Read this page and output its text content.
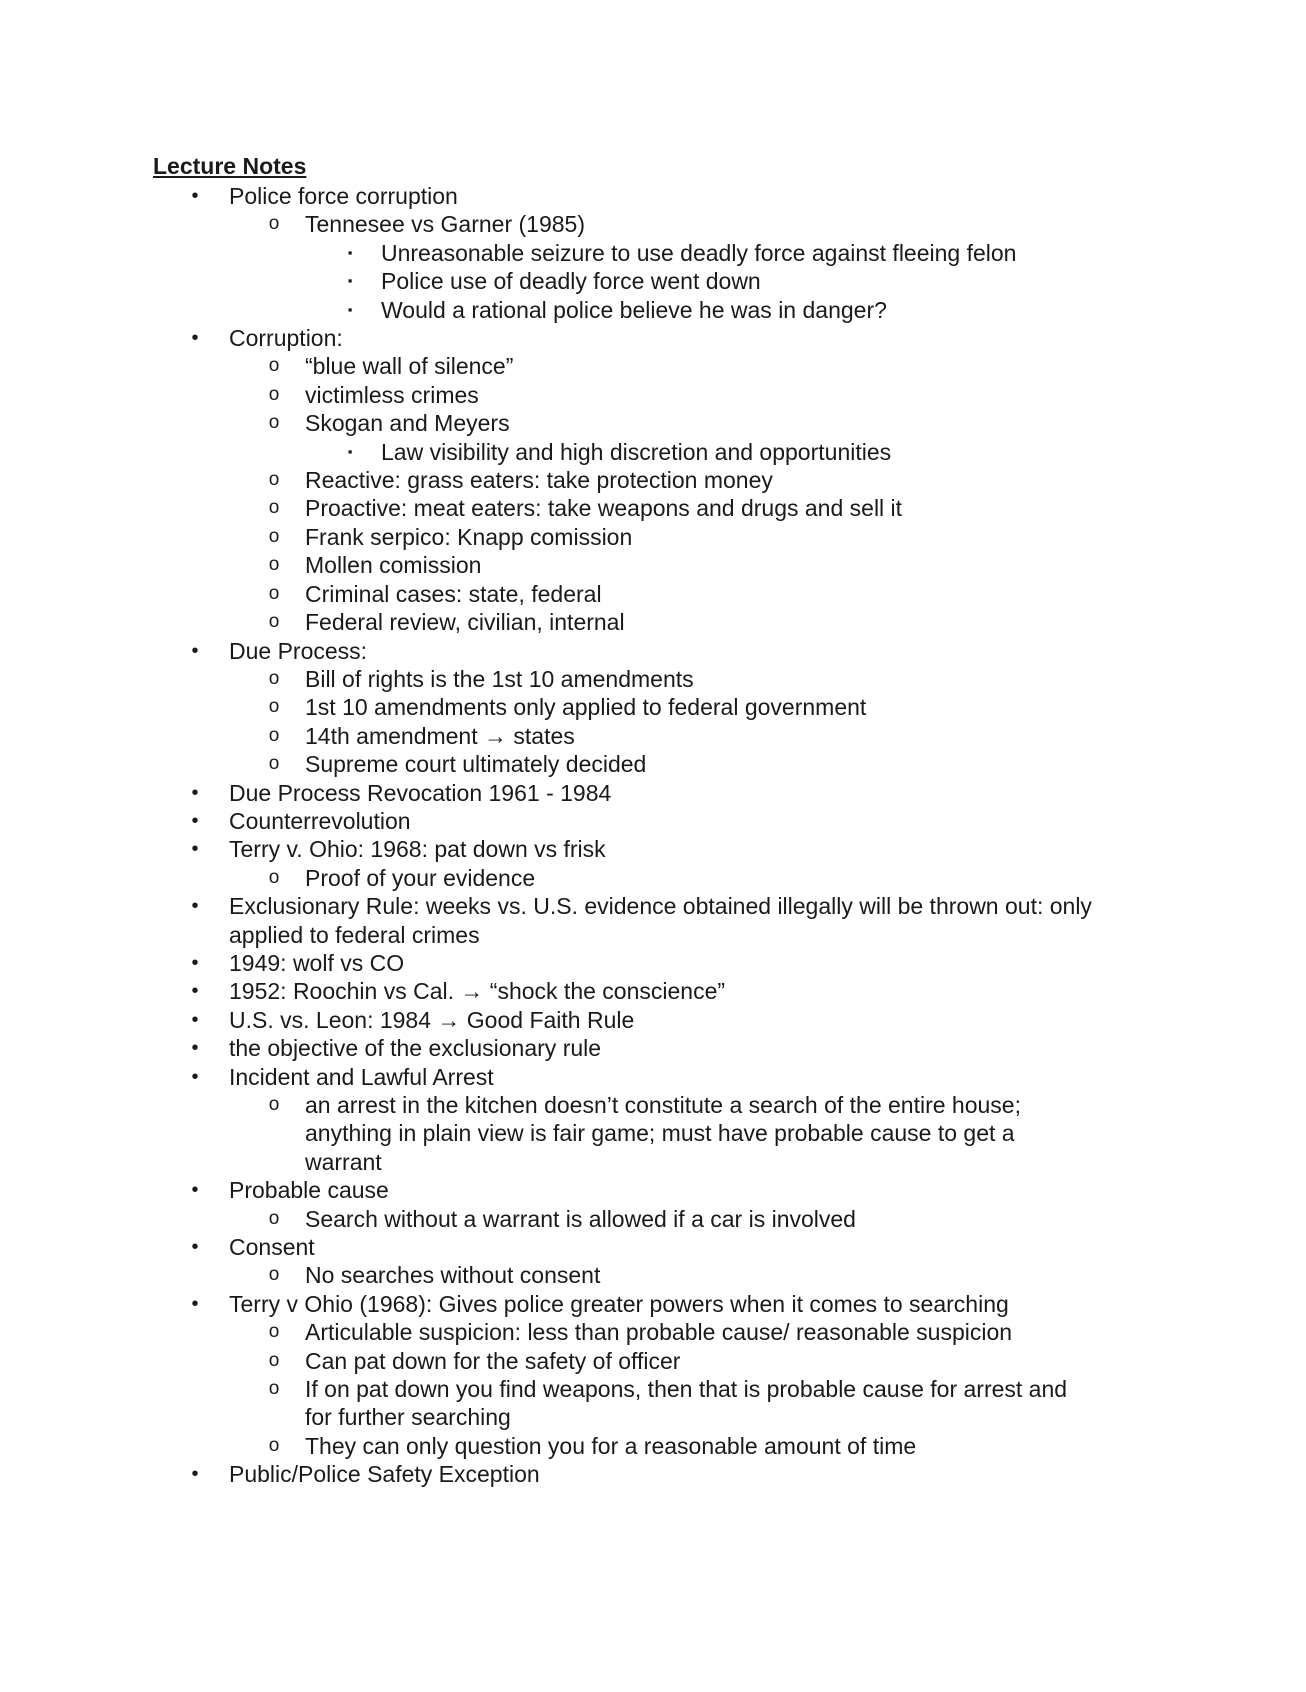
Lecture Notes
• Police force corruption
o Tennesee vs Garner (1985)
▪	Unreasonable seizure to use deadly force against fleeing felon
▪	Police use of deadly force went down
▪	Would a rational police believe he was in danger?
• Corruption:
o “blue wall of silence”
o victimless crimes
o Skogan and Meyers
▪	Law visibility and high discretion and opportunities
o Reactive: grass eaters: take protection money
o Proactive: meat eaters: take weapons and drugs and sell it
o Frank serpico: Knapp comission
o Mollen comission
o Criminal cases: state, federal
o Federal review, civilian, internal
• Due Process:
o Bill of rights is the 1st 10 amendments
o 1st 10 amendments only applied to federal government
o 14th amendment → states
o Supreme court ultimately decided
• Due Process Revocation 1961 - 1984
• Counterrevolution
• Terry v. Ohio: 1968: pat down vs frisk
o Proof of your evidence
• Exclusionary Rule: weeks vs. U.S. evidence obtained illegally will be thrown out: only applied to federal crimes
• 1949: wolf vs CO
• 1952: Roochin vs Cal. → “shock the conscience”
• U.S. vs. Leon: 1984 → Good Faith Rule
• the objective of the exclusionary rule
• Incident and Lawful Arrest
o an arrest in the kitchen doesn’t constitute a search of the entire house; anything in plain view is fair game; must have probable cause to get a warrant
• Probable cause
o Search without a warrant is allowed if a car is involved
• Consent
o No searches without consent
• Terry v Ohio (1968): Gives police greater powers when it comes to searching
o Articulable suspicion: less than probable cause/ reasonable suspicion
o Can pat down for the safety of officer
o If on pat down you find weapons, then that is probable cause for arrest and for further searching
o They can only question you for a reasonable amount of time
• Public/Police Safety Exception
